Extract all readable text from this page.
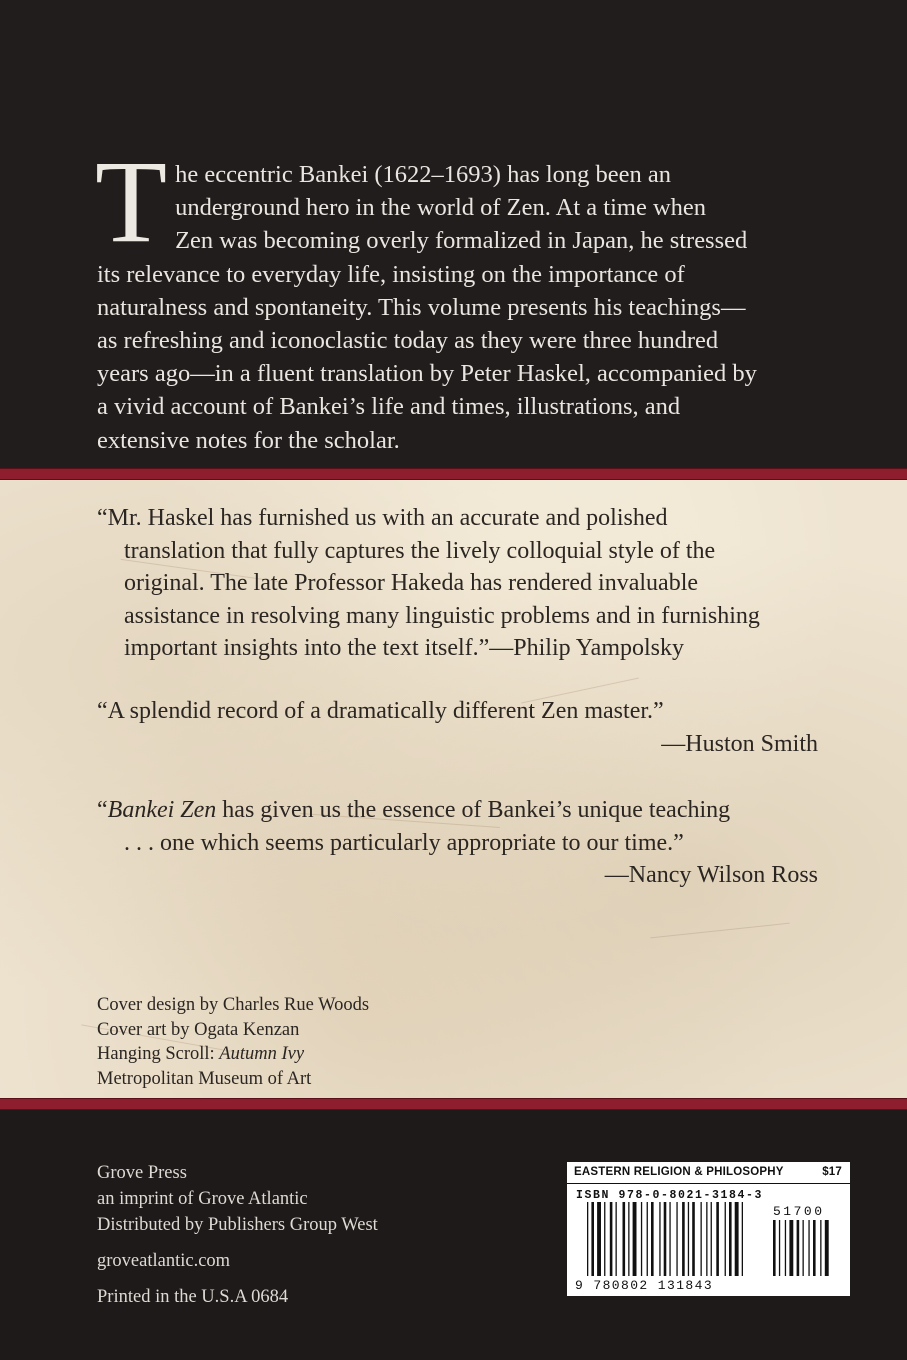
T he eccentric Bankei (1622–1693) has long been an
underground hero in the world of Zen. At a time when
Zen was becoming overly formalized in Japan, he stressed
its relevance to everyday life, insisting on the importance of
naturalness and spontaneity. This volume presents his teachings—
as refreshing and iconoclastic today as they were three hundred
years ago—in a fluent translation by Peter Haskel, accompanied by
a vivid account of Bankei’s life and times, illustrations, and
extensive notes for the scholar.

“Mr. Haskel has furnished us with an accurate and polished

translation that fully captures the lively colloquial style of the

original. The late Professor Hakeda has rendered invaluable

assistance in resolving many linguistic problems and in furnishing

important insights into the text itself.”—Philip Yampolsky

“A splendid record of a dramatically different Zen master.”

—Huston Smith

“Bankei Zen has given us the essence of Bankei’s unique teaching

. . . one which seems particularly appropriate to our time.”

—Nancy Wilson Ross

Cover design by Charles Rue Woods
Cover art by Ogata Kenzan
Hanging Scroll: Autumn Ivy
Metropolitan Museum of Art
Grove Press
an imprint of Grove Atlantic
Distributed by Publishers Group West
groveatlantic.com
Printed in the U.S.A 0684
EASTERN RELIGION & PHILOSOPHY	$17
ISBN 978-0-8021-3184-3
51700
9 780802 131843
